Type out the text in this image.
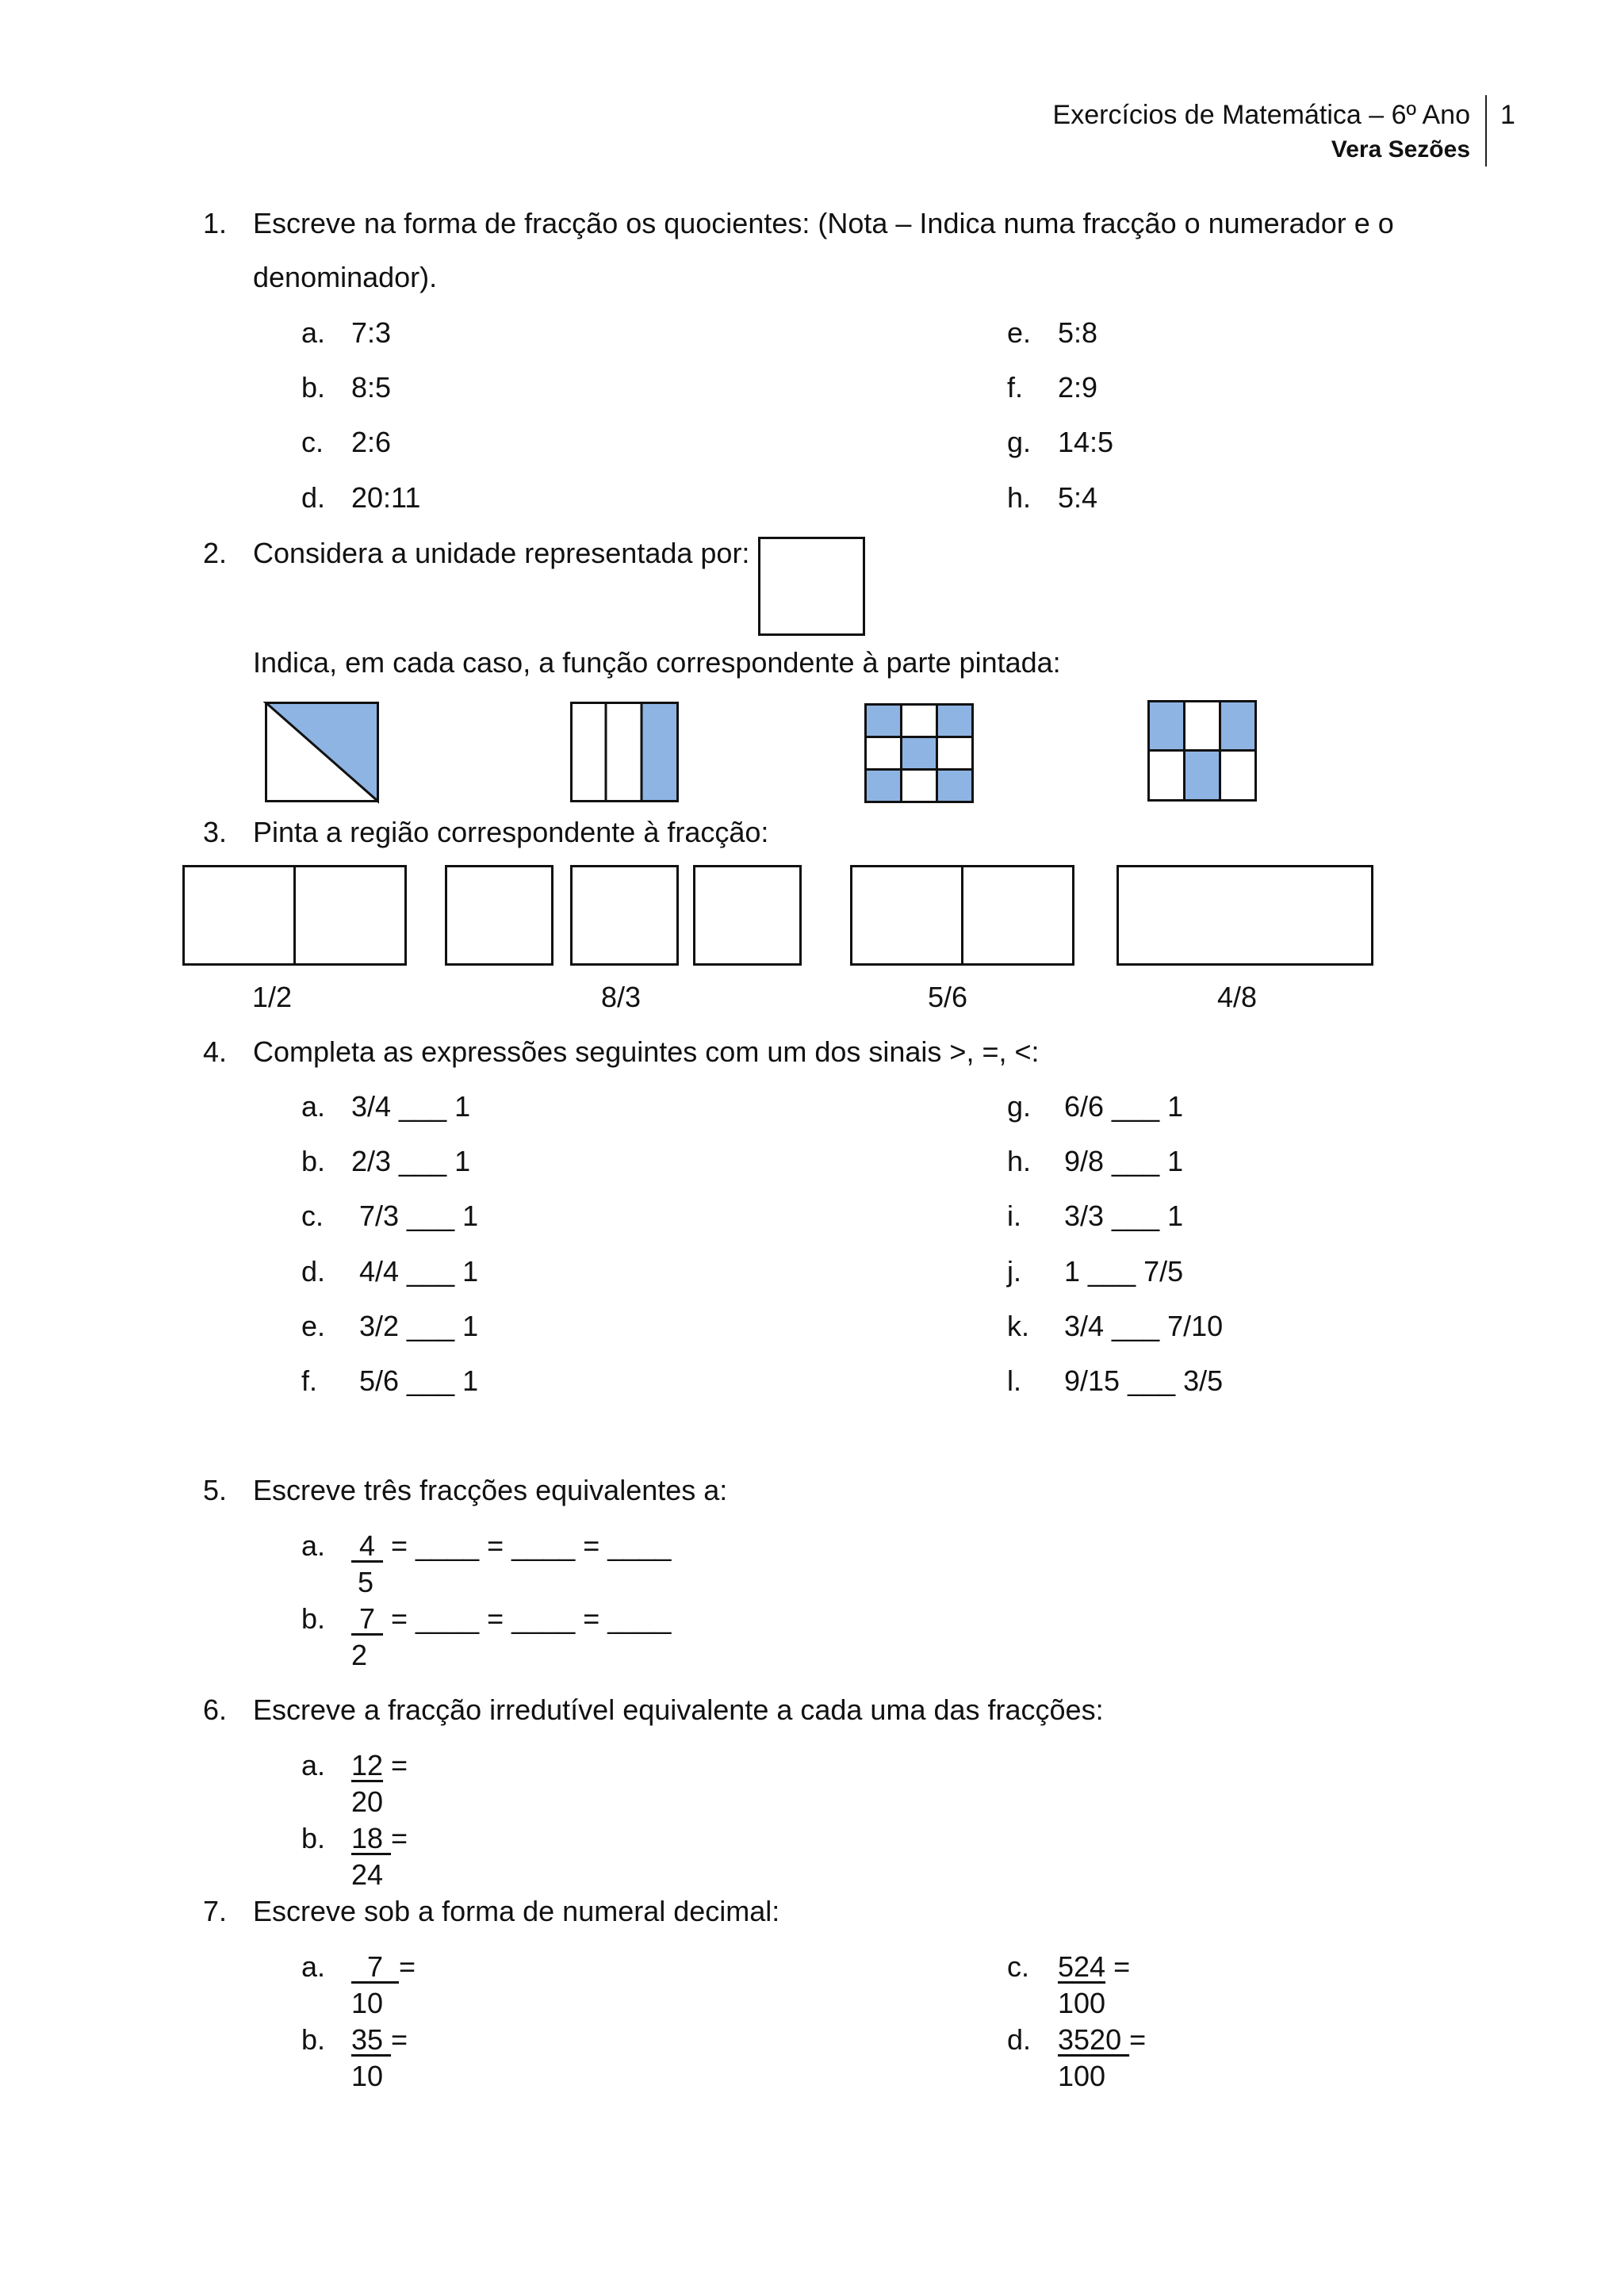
Exercícios de Matemática – 6º Ano 1
Vera Sezões
1. Escreve na forma de fracção os quocientes: (Nota – Indica numa fracção o numerador e o
denominador).
a. 7:3
b. 8:5
c. 2:6
d. 20:11
e. 5:8
f. 2:9
g. 14:5
h. 5:4
2. Considera a unidade representada por:
Indica, em cada caso, a função correspondente à parte pintada:
3. Pinta a região correspondente à fracção:
1/2	8/3	5/6	4/8
4. Completa as expressões seguintes com um dos sinais >, =, <:
a. 3/4 ___ 1
b. 2/3 ___ 1
c. 7/3 ___ 1
d. 4/4 ___ 1
e. 3/2 ___ 1
f. 5/6 ___ 1
g. 6/6 ___ 1
h. 9/8 ___ 1
i. 3/3 ___ 1
j. 1 ___ 7/5
k. 3/4 ___ 7/10
l. 9/15 ___ 3/5
5. Escreve três fracções equivalentes a:
a. 4  = ____ = ____ = ____
5
b. 7  = ____ = ____ = ____
2
6. Escreve a fracção irredutível equivalente a cada uma das fracções:
a. 12 =
20
b. 18 =
24
7. Escreve sob a forma de numeral decimal:
a. 7  =
10
b. 35 =
10
c. 524 =
100
d. 3520 =
100
